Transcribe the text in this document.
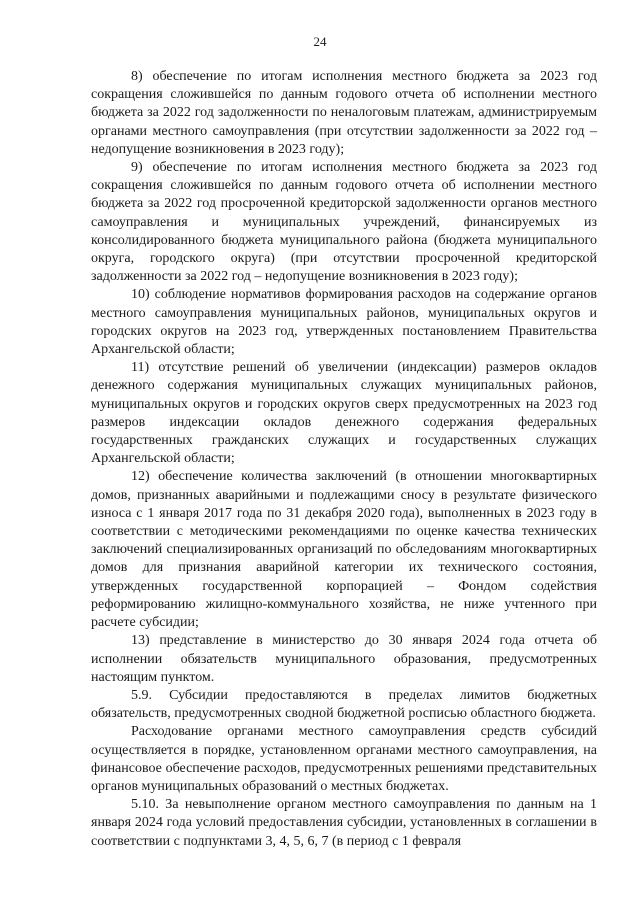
24

8) обеспечение по итогам исполнения местного бюджета за 2023 год сокращения сложившейся по данным годового отчета об исполнении местного бюджета за 2022 год задолженности по неналоговым платежам, администрируемым органами местного самоуправления (при отсутствии задолженности за 2022 год – недопущение возникновения в 2023 году);

9) обеспечение по итогам исполнения местного бюджета за 2023 год сокращения сложившейся по данным годового отчета об исполнении местного бюджета за 2022 год просроченной кредиторской задолженности органов местного самоуправления и муниципальных учреждений, финансируемых из консолидированного бюджета муниципального района (бюджета муниципального округа, городского округа) (при отсутствии просроченной кредиторской задолженности за 2022 год – недопущение возникновения в 2023 году);

10) соблюдение нормативов формирования расходов на содержание органов местного самоуправления муниципальных районов, муниципальных округов и городских округов на 2023 год, утвержденных постановлением Правительства Архангельской области;

11) отсутствие решений об увеличении (индексации) размеров окладов денежного содержания муниципальных служащих муниципальных районов, муниципальных округов и городских округов сверх предусмотренных на 2023 год размеров индексации окладов денежного содержания федеральных государственных гражданских служащих и государственных служащих Архангельской области;

12) обеспечение количества заключений (в отношении многоквартирных домов, признанных аварийными и подлежащими сносу в результате физического износа с 1 января 2017 года по 31 декабря 2020 года), выполненных в 2023 году в соответствии с методическими рекомендациями по оценке качества технических заключений специализированных организаций по обследованиям многоквартирных домов для признания аварийной категории их технического состояния, утвержденных государственной корпорацией – Фондом содействия реформированию жилищно-коммунального хозяйства, не ниже учтенного при расчете субсидии;

13) представление в министерство до 30 января 2024 года отчета об исполнении обязательств муниципального образования, предусмотренных настоящим пунктом.

5.9. Субсидии предоставляются в пределах лимитов бюджетных обязательств, предусмотренных сводной бюджетной росписью областного бюджета.

Расходование органами местного самоуправления средств субсидий осуществляется в порядке, установленном органами местного самоуправления, на финансовое обеспечение расходов, предусмотренных решениями представительных органов муниципальных образований о местных бюджетах.

5.10. За невыполнение органом местного самоуправления по данным на 1 января 2024 года условий предоставления субсидии, установленных в соглашении в соответствии с подпунктами 3, 4, 5, 6, 7 (в период с 1 февраля
